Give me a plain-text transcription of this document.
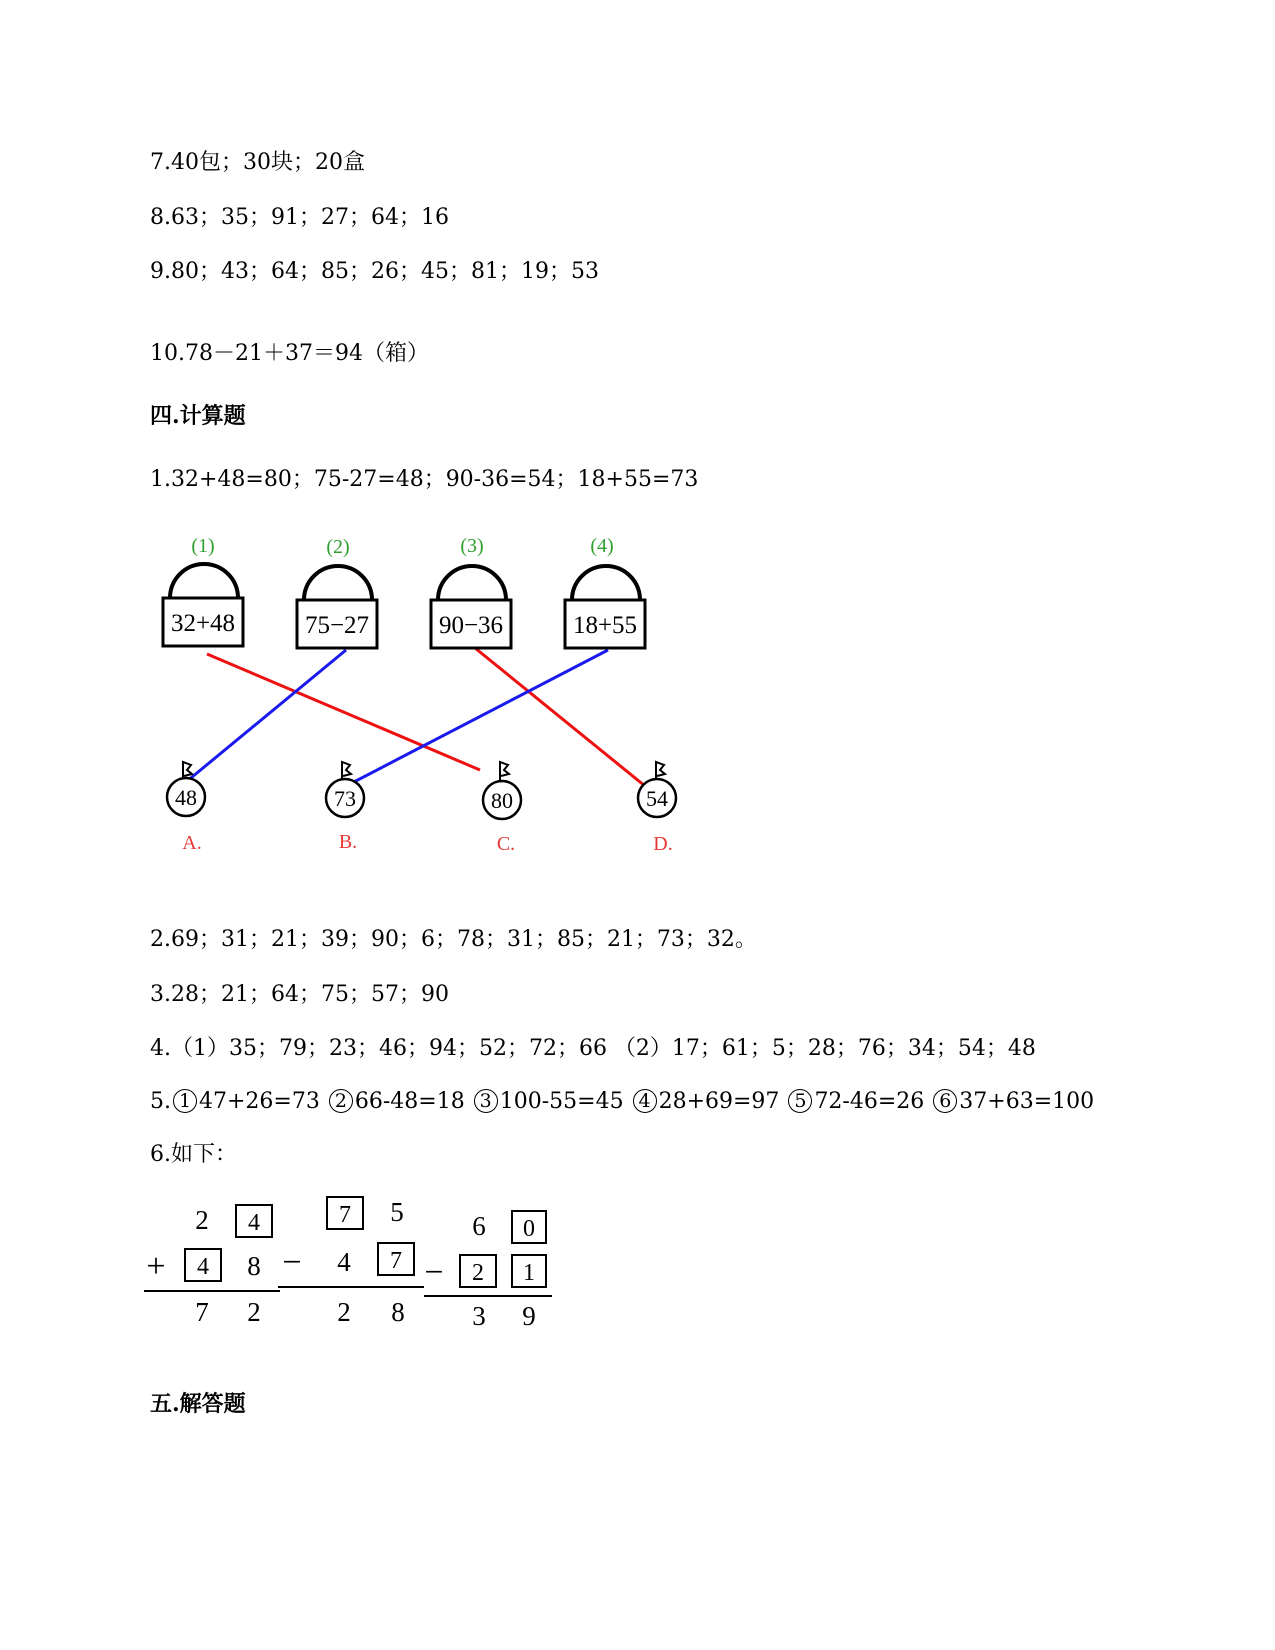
7.40包；30块；20盒
8.63；35；91；27；64；16
9.80；43；64；85；26；45；81；19；53
10.78－21＋37＝94（箱）
四.计算题
1.32+48=80；75-27=48；90-36=54；18+55=73
(1)
32+48
(2)
75−27
(3)
90−36
(4)
18+55
48
A.
73
B.
80
C.
54
D.
2.69；31；21；39；90；6；78；31；85；21；73；32。
3.28；21；64；75；57；90
4.（1）35；79；23；46；94；52；72；66 （2）17；61；5；28；76；34；54；48
5. 1 47+26=73 2 66-48=18 3 100-55=45 4 28+69=97 5 72-46=26 6 37+63=100
6.如下：
2 4
+ 4 8
7 2
7 5
− 4 7
2 8
6 0
− 2 1
3 9
五.解答题
